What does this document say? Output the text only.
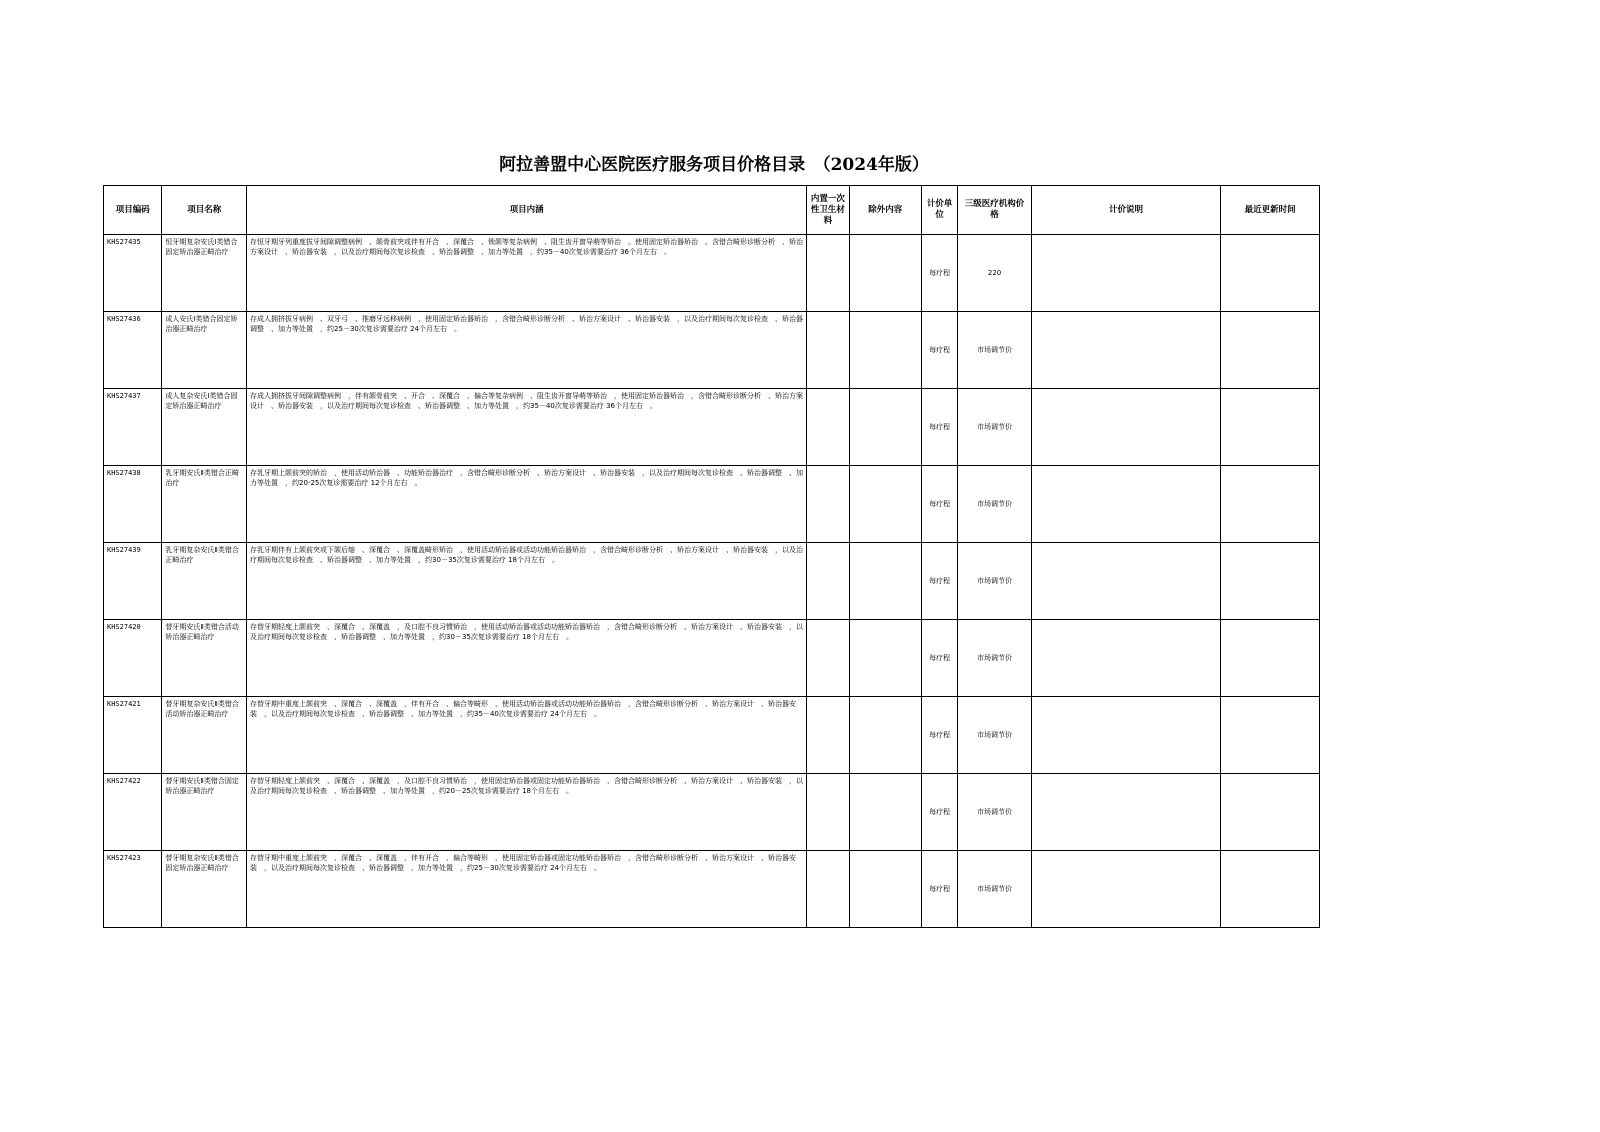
阿拉善盟中心医院医疗服务项目价格目录　（2024年版）
项目编码	项目名称	项目内涵	内置一次性卫生材料	除外内容	计价单位	三级医疗机构价格	计价说明	最近更新时间
KHS27435	恒牙期复杂安氏Ⅰ类错合固定矫治器正畸治疗	存恒牙期牙列重度拔牙间隙调整病例　、颌骨前突或伴有开合　、深覆合　、锁颌等复杂病例　、阻生齿开窗导萌等矫治　。使用固定矫治器矫治　。含错合畸形诊断分析　、矫治方案设计　、矫治器安装　，以及治疗期间每次复诊检查　、矫治器调整　、加力等处置　，约35－40次复诊需要治疗 36个月左右　。			每疗程	220		
KHS27436	成人安氏Ⅰ类错合固定矫治器正畸治疗	存成人拥挤拔牙病例　、双牙弓　、推磨牙远移病例　，使用固定矫治器矫治　，含错合畸形诊断分析　、矫治方案设计　、矫治器安装　，以及治疗期间每次复诊检查　、矫治器调整　、加力等处置　，约25－30次复诊需要治疗 24个月左右　。			每疗程	市场调节价		
KHS27437	成人复杂安氏Ⅰ类错合固定矫治器正畸治疗	存成人拥挤拔牙间隙调整病例　，伴有颌骨前突　、开合　、深覆合　、偏合等复杂病例　、阻生齿开窗导萌等矫治　，使用固定矫治器矫治　，含错合畸形诊断分析　、矫治方案设计　、矫治器安装　，以及治疗期间每次复诊检查　、矫治器调整　、加力等处置　，约35－40次复诊需要治疗 36个月左右　。			每疗程	市场调节价		
KHS27438	乳牙期安氏Ⅱ类错合正畸治疗	存乳牙期上颌前突的矫治　，使用活动矫治器　、功能矫治器治疗　，含错合畸形诊断分析　、矫治方案设计　、矫治器安装　，以及治疗期间每次复诊检查　、矫治器调整　、加力等处置　，约20-25次复诊需要治疗 12个月左右　。			每疗程	市场调节价		
KHS27439	乳牙期复杂安氏Ⅱ类错合正畸治疗	存乳牙期伴有上颌前突或下颌后缩　、深覆合　、深覆盖畸形矫治　，使用活动矫治器或活动功能矫治器矫治　，含错合畸形诊断分析　、矫治方案设计　、矫治器安装　，以及治疗期间每次复诊检查　、矫治器调整　、加力等处置　，约30－35次复诊需要治疗 18个月左右　。			每疗程	市场调节价		
KHS27420	替牙期安氏Ⅱ类错合活动矫治器正畸治疗	存替牙期轻度上颌前突　、深覆合　、深覆盖　，及口腔不良习惯矫治　，使用活动矫治器或活动功能矫治器矫治　，含错合畸形诊断分析　、矫治方案设计　、矫治器安装　，以及治疗期间每次复诊检查　、矫治器调整　、加力等处置　，约30－35次复诊需要治疗 18个月左右　。			每疗程	市场调节价		
KHS27421	替牙期复杂安氏Ⅱ类错合活动矫治器正畸治疗	存替牙期中重度上颌前突　、深覆合　、深覆盖　，伴有开合　、偏合等畸形　，使用活动矫治器或活动功能矫治器矫治　，含错合畸形诊断分析　、矫治方案设计　、矫治器安装　，以及治疗期间每次复诊检查　、矫治器调整　、加力等处置　，约35－40次复诊需要治疗 24个月左右　。			每疗程	市场调节价		
KHS27422	替牙期安氏Ⅱ类错合固定矫治器正畸治疗	存替牙期轻度上颌前突　、深覆合　、深覆盖　，及口腔不良习惯矫治　，使用固定矫治器或固定功能矫治器矫治　，含错合畸形诊断分析　、矫治方案设计　、矫治器安装　，以及治疗期间每次复诊检查　、矫治器调整　、加力等处置　，约20－25次复诊需要治疗 18个月左右　。			每疗程	市场调节价		
KHS27423	替牙期复杂安氏Ⅱ类错合固定矫治器正畸治疗	存替牙期中重度上颌前突　、深覆合　、深覆盖　，伴有开合　、偏合等畸形　，使用固定矫治器或固定功能矫治器矫治　，含错合畸形诊断分析　、矫治方案设计　、矫治器安装　，以及治疗期间每次复诊检查　、矫治器调整　、加力等处置　，约25－30次复诊需要治疗 24个月左右　。			每疗程	市场调节价		
